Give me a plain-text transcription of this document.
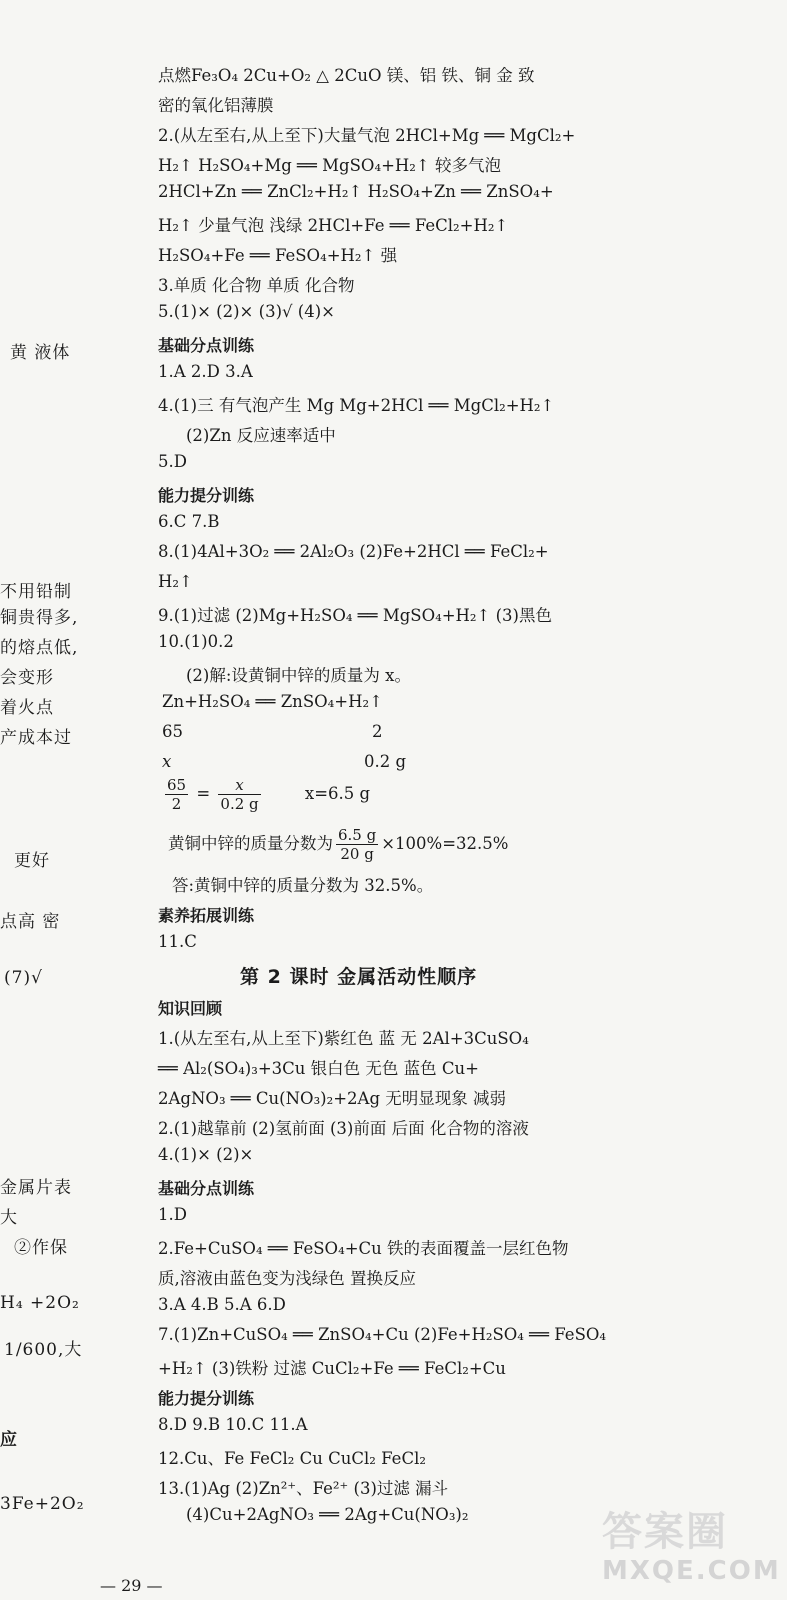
黄 液体
不用铅制
铜贵得多,
的熔点低,
会变形
着火点
产成本过
更好
点高 密
(7)√
金属片表
大
②作保
H₄ +2O₂
1/600,大
应
3Fe+2O₂
点燃Fe₃O₄ 2Cu+O₂ △ 2CuO 镁、铝 铁、铜 金 致
密的氧化铝薄膜
2.(从左至右,从上至下)大量气泡 2HCl+Mg ══ MgCl₂+
H₂↑ H₂SO₄+Mg ══ MgSO₄+H₂↑ 较多气泡
2HCl+Zn ══ ZnCl₂+H₂↑ H₂SO₄+Zn ══ ZnSO₄+
H₂↑ 少量气泡 浅绿 2HCl+Fe ══ FeCl₂+H₂↑
H₂SO₄+Fe ══ FeSO₄+H₂↑ 强
3.单质 化合物 单质 化合物
5.(1)× (2)× (3)√ (4)×
基础分点训练
1.A 2.D 3.A
4.(1)三 有气泡产生 Mg Mg+2HCl ══ MgCl₂+H₂↑
(2)Zn 反应速率适中
5.D
能力提分训练
6.C 7.B
8.(1)4Al+3O₂ ══ 2Al₂O₃ (2)Fe+2HCl ══ FeCl₂+
H₂↑
9.(1)过滤 (2)Mg+H₂SO₄ ══ MgSO₄+H₂↑ (3)黑色
10.(1)0.2
(2)解:设黄铜中锌的质量为 x。
Zn+H₂SO₄ ══ ZnSO₄+H₂↑
65	2
x	0.2 g
$\frac{65}{2} = \frac{x}{0.2 g}$	x=6.5 g
黄铜中锌的质量分数为 $\frac{6.5 g}{20 g} \times 100\%=32.5\%$
答:黄铜中锌的质量分数为 32.5%。
素养拓展训练
11.C
第 2 课时 金属活动性顺序
知识回顾
1.(从左至右,从上至下)紫红色 蓝 无 2Al+3CuSO₄
══ Al₂(SO₄)₃+3Cu 银白色 无色 蓝色 Cu+
2AgNO₃ ══ Cu(NO₃)₂+2Ag 无明显现象 减弱
2.(1)越靠前 (2)氢前面 (3)前面 后面 化合物的溶液
4.(1)× (2)×
基础分点训练
1.D
2.Fe+CuSO₄ ══ FeSO₄+Cu 铁的表面覆盖一层红色物
质,溶液由蓝色变为浅绿色 置换反应
3.A 4.B 5.A 6.D
7.(1)Zn+CuSO₄ ══ ZnSO₄+Cu (2)Fe+H₂SO₄ ══ FeSO₄
+H₂↑ (3)铁粉 过滤 CuCl₂+Fe ══ FeCl₂+Cu
能力提分训练
8.D 9.B 10.C 11.A
12.Cu、Fe FeCl₂ Cu CuCl₂ FeCl₂
13.(1)Ag (2)Zn²⁺、Fe²⁺ (3)过滤 漏斗
(4)Cu+2AgNO₃ ══ 2Ag+Cu(NO₃)₂
— 29 —
答案圈
MXQE.COM
